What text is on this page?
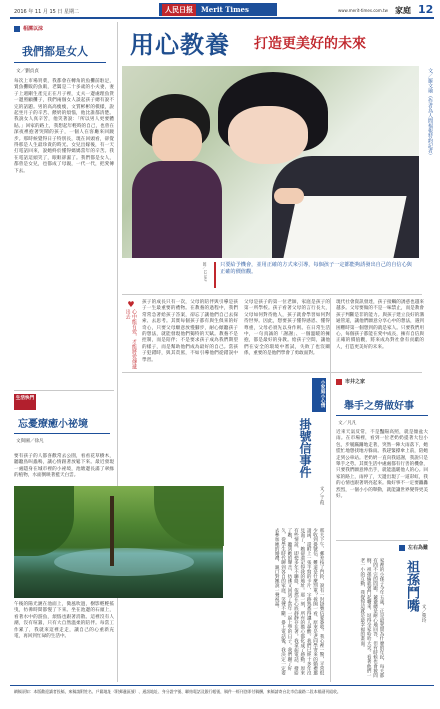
2016 年 11 月 15 日 星期二	人民日报	Merit Times	www.merit-times.com.tw 家庭 12
相濡以沫
我們都是女人
文／劉貞貞
每次上市場買菜，我都會在轉角的魚攤前駐足，賣魚攤販的魚販，老闆是二十多歲的小夫妻，妻子上週剛生產完正在月子裡，丈夫一邊處理魚貨一邊照顧攤子，我們兩個女人談起孩子總有說不完的話題。男的高高瘦瘦，文質彬彬的模樣，說起坐月子的辛苦、餵奶的煩惱，他比誰都清楚。我說女人真辛苦，他笑著說：「所以男人更要體貼。」回家的路上，我想起年輕時的自己，也曾在深夜裡抱著哭鬧的孩子，一個人在客廳來回踱步。那時候覺得日子特別長，現在回頭看，卻覺得那是人生最珍貴的時光。女兒出嫁後，有一天打電話回來，說她終於懂得媽媽當年的辛苦。我在電話這頭笑了，眼眶卻濕了。我們都是女人，都曾是女兒，也都成了母親，一代一代，把愛傳下去。
生活快門
忘憂療癒小祕境
文與圖／徐凡
要有孩子的人都喜歡常去公園，看看花草樹木，聽聽鳥叫蟲鳴，讓心情跟著放鬆下來。最近發現一處隱身在城市裡的小祕境，池塘邊長滿了翠綠的植物，水面倒映著藍天白雲。
午後的陽光灑在池面上，微風吹過，樹影輕輕搖曳，彷彿時間都慢了下來。坐在池邊的石頭上，看著水中的游魚，煩惱也跟著消散。這裡沒有人潮，沒有喧囂，只有大自然溫柔的陪伴。每當工作累了，我就來這裡走走，讓自己的心重新充電，再回到忙碌的生活中。
用心教養 打造更美好的未來
文／羅文瑜（作者為人間福報特約記者）
只要給予機會，並用正確的方式來引導，每個孩子一定都能夠誘發出自己的自信心與正確的價值觀。
圖／123RF
♥
心中能有愛，才能將愛傳遞出去
孩子的成長只有一次，父母的陪伴與引導是孩子一生最重要的禮物。在教養的過程中，我們常常急著給孩子答案，卻忘了讓他們自己去探索、去思考。其實每個孩子都有與生俱來的好奇心，只要父母願意放慢腳步，耐心傾聽孩子的想法，就能發現他們獨特的天賦。教養不是控制，而是陪伴；不是要求孩子成為我們期望的樣子，而是幫助他們成為最好的自己。當孩子犯錯時，與其責罵，不如引導他們從錯誤中學習。
父母是孩子的第一位老師，家庭是孩子的第一所學校。孩子看著父母的言行長大，父母如何對待他人，孩子就會學習如何對待世界。因此，想要孩子懂得感恩、懂得尊重，父母必須先以身作則。在日常生活中，一句真誠的「謝謝」、一個溫暖的擁抱，都是最好的身教。給孩子空間，讓他們在安全的環境中嘗試，失敗了也沒關係，重要的是他們學會了勇敢面對。
現代社會資訊發達，孩子接觸的誘惑也越來越多。父母要做的不是一味禁止，而是教會孩子判斷是非的能力。與孩子建立良好的溝通管道，讓他們願意分享心中的想法，遇到困難時第一個想到的就是家人。只要我們用心，每個孩子都能在愛中成長，擁有自信與正確的價值觀，將來成為對社會有貢獻的人，打造更美好的未來。
小家庭小心情
掛號信事件
文／于葭
那天下午，郵差按了門鈴，說有一封掛號信要簽收。我心裡一驚，平常很少收到掛號信，難道是什麼罰單？拆開一看，原來是老同學寄來的婚禮邀請函，還附上一張手寫的卡片，字跡熟悉得讓人鼻酸。我們已經十多年沒見面了，她卻還記得我的地址。那一刻，所有的擔心都化成了感動。原來有些情誼，即使多年不聯絡，依然在心底靜靜存在著。我拿起電話，撥給了她，聽到她的聲音，彷彿又回到了當年一起上學的日子。我們聊了好久，從學生時代聊到各自的家庭，笑聲不斷。掛上電話後，我決定一定要去參加她的婚禮，親口對她說一聲祝福。
市井之家
舉手之勞做好事
文／凡凡
近來天氣反常，不是豔陽高照，就是傾盆大雨。在市場裡，看到一位老奶奶提著大包小包，步履蹣跚地走著，突然一陣大雨落下，她慌忙地想找地方躲雨。我趕緊撐傘上前，陪她走到公車站。老奶奶一直向我道謝，我說只是舉手之勞。其實生活中處處都有行善的機會，只要我們願意伸出手，就能溫暖他人的心。回家的路上，雨停了，天邊出現了一道彩虹，我的心情也跟著明亮起來。做好事不一定要轟轟烈烈，一個小小的舉動，就能讓世界變得更美好。
左右為難
祖孫鬥嘴
文／蔓玲
家裡的小孫子今年五歲，正是最愛問為什麼的年紀，每天都有問不完的問題。爺爺總是耐心地回答，但有時候也會被問倒，祖孫倆就會鬥起嘴來，逗得全家哈哈大笑。看著他們一老一小的互動，我覺得這就是最幸福的畫面。
網稿須知：本版歡迎讀者投稿，來稿請附姓名、戶籍地址（附郵遞區號）、通訊地址、身分證字號、聯絡電話及銀行帳號，稿件一經刊登即付稿酬，來稿請寄台北市信義路二段本報副刊組收。
